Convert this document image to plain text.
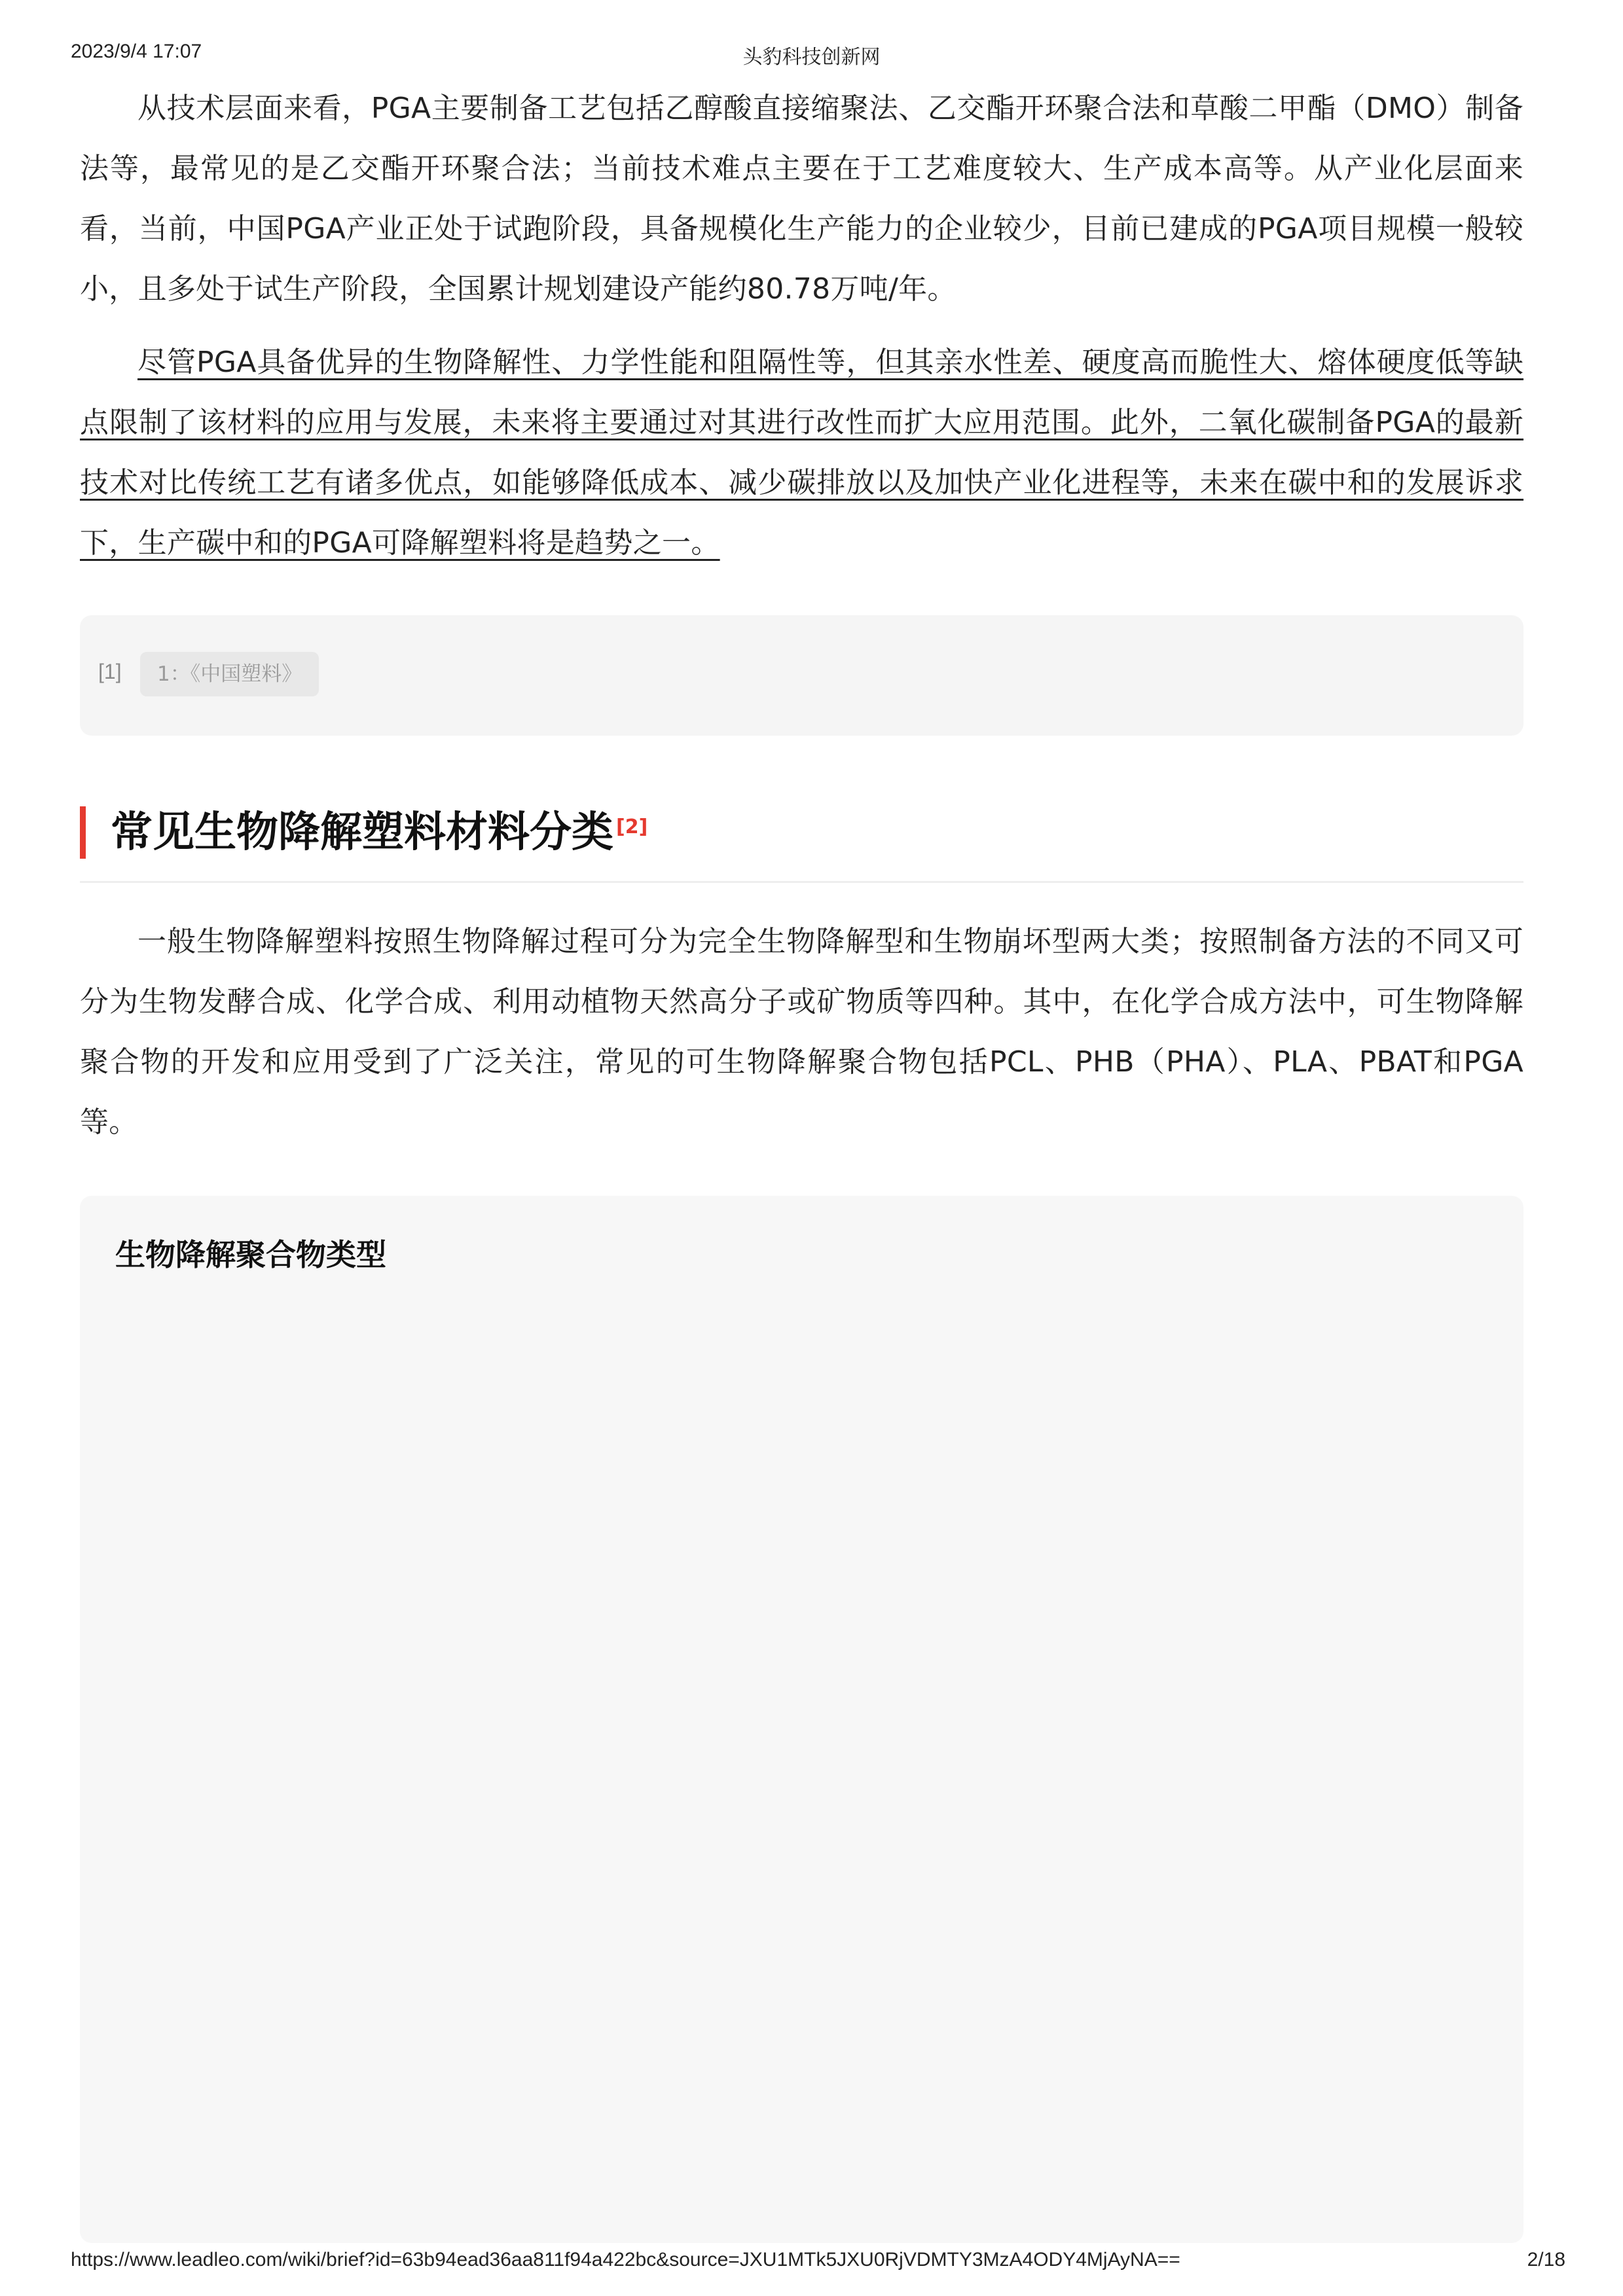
2023/9/4 17:07	头豹科技创新网

从技术层面来看，PGA主要制备工艺包括乙醇酸直接缩聚法、乙交酯开环聚合法和草酸二甲酯（DMO）制备法等，最常见的是乙交酯开环聚合法；当前技术难点主要在于工艺难度较大、生产成本高等。从产业化层面来看，当前，中国PGA产业正处于试跑阶段，具备规模化生产能力的企业较少，目前已建成的PGA项目规模一般较小，且多处于试生产阶段，全国累计规划建设产能约80.78万吨/年。

尽管PGA具备优异的生物降解性、力学性能和阻隔性等，但其亲水性差、硬度高而脆性大、熔体硬度低等缺点限制了该材料的应用与发展，未来将主要通过对其进行改性而扩大应用范围。此外，二氧化碳制备PGA的最新技术对比传统工艺有诸多优点，如能够降低成本、减少碳排放以及加快产业化进程等，未来在碳中和的发展诉求下，生产碳中和的PGA可降解塑料将是趋势之一。

[1]	1：《中国塑料》
常见生物降解塑料材料分类 [2]

一般生物降解塑料按照生物降解过程可分为完全生物降解型和生物崩坏型两大类；按照制备方法的不同又可分为生物发酵合成、化学合成、利用动植物天然高分子或矿物质等四种。其中，在化学合成方法中，可生物降解聚合物的开发和应用受到了广泛关注，常见的可生物降解聚合物包括PCL、PHB（PHA）、PLA、PBAT和PGA等。

生物降解聚合物类型
https://www.leadleo.com/wiki/brief?id=63b94ead36aa811f94a422bc&source=JXU1MTk5JXU0RjVDMTY3MzA4ODY4MjAyNA==	2/18
